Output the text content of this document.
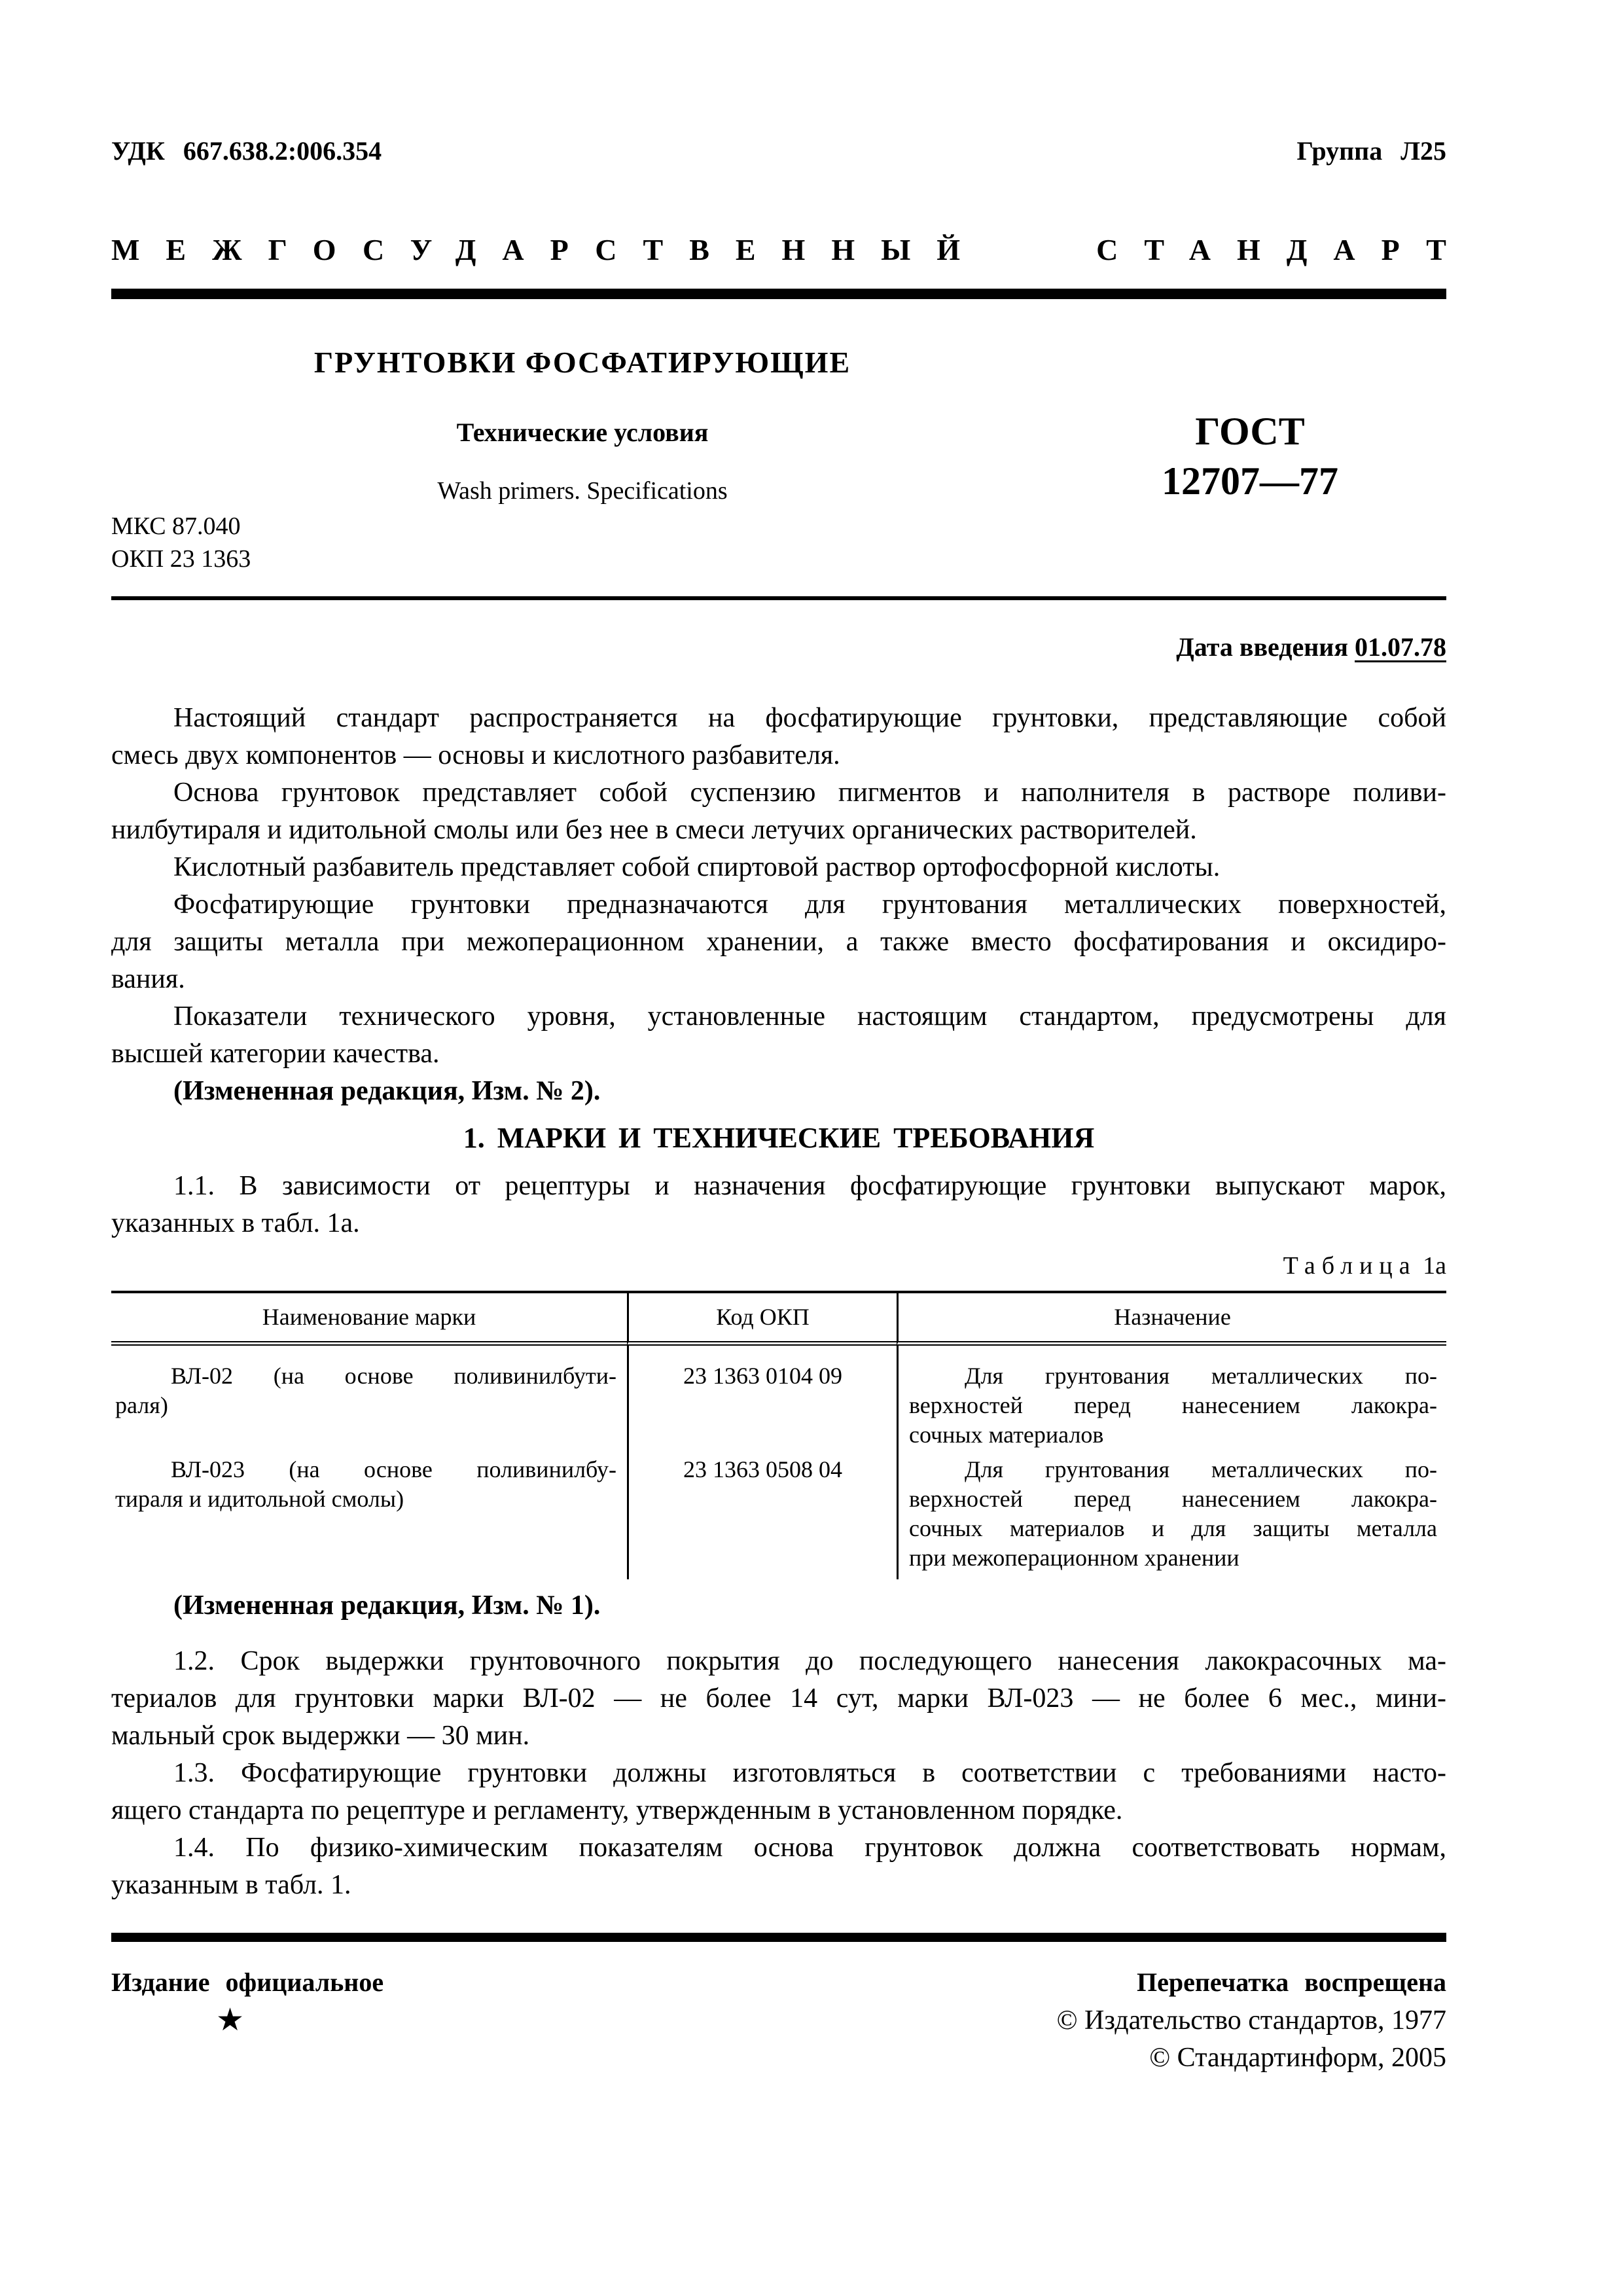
УДК 667.638.2:006.354	Группа Л25
МЕЖГОСУДАРСТВЕННЫЙ	СТАНДАРТ
ГРУНТОВКИ ФОСФАТИРУЮЩИЕ
Технические условия
Wash primers. Specifications
ГОСТ
12707—77
МКС 87.040
ОКП 23 1363
Дата введения 01.07.78
Настоящий стандарт распространяется на фосфатирующие грунтовки, представляющие собой
смесь двух компонентов — основы и кислотного разбавителя.
Основа грунтовок представляет собой суспензию пигментов и наполнителя в растворе поливи-
нилбутираля и идитольной смолы или без нее в смеси летучих органических растворителей.
Кислотный разбавитель представляет собой спиртовой раствор ортофосфорной кислоты.
Фосфатирующие грунтовки предназначаются для грунтования металлических поверхностей,
для защиты металла при межоперационном хранении, а также вместо фосфатирования и оксидиро-
вания.
Показатели технического уровня, установленные настоящим стандартом, предусмотрены для
высшей категории качества.
(Измененная редакция, Изм. № 2).
1. МАРКИ И ТЕХНИЧЕСКИЕ ТРЕБОВАНИЯ
1.1. В зависимости от рецептуры и назначения фосфатирующие грунтовки выпускают марок,
указанных в табл. 1а.
Таблица 1а
Наименование марки	Код ОКП	Назначение
ВЛ-02 (на основе поливинилбути-
раля)
23 1363 0104 09	Для грунтования металлических по-
верхностей перед нанесением лакокра-
сочных материалов
ВЛ-023 (на основе поливинилбу-
тираля и идитольной смолы)
23 1363 0508 04	Для грунтования металлических по-
верхностей перед нанесением лакокра-
сочных материалов и для защиты металла
при межоперационном хранении
(Измененная редакция, Изм. № 1).
1.2. Срок выдержки грунтовочного покрытия до последующего нанесения лакокрасочных ма-
териалов для грунтовки марки ВЛ-02 — не более 14 сут, марки ВЛ-023 — не более 6 мес., мини-
мальный срок выдержки — 30 мин.
1.3. Фосфатирующие грунтовки должны изготовляться в соответствии с требованиями насто-
ящего стандарта по рецептуре и регламенту, утвержденным в установленном порядке.
1.4. По физико-химическим показателям основа грунтовок должна соответствовать нормам,
указанным в табл. 1.
Издание официальное	Перепечатка воспрещена
★	© Издательство стандартов, 1977
© Стандартинформ, 2005
